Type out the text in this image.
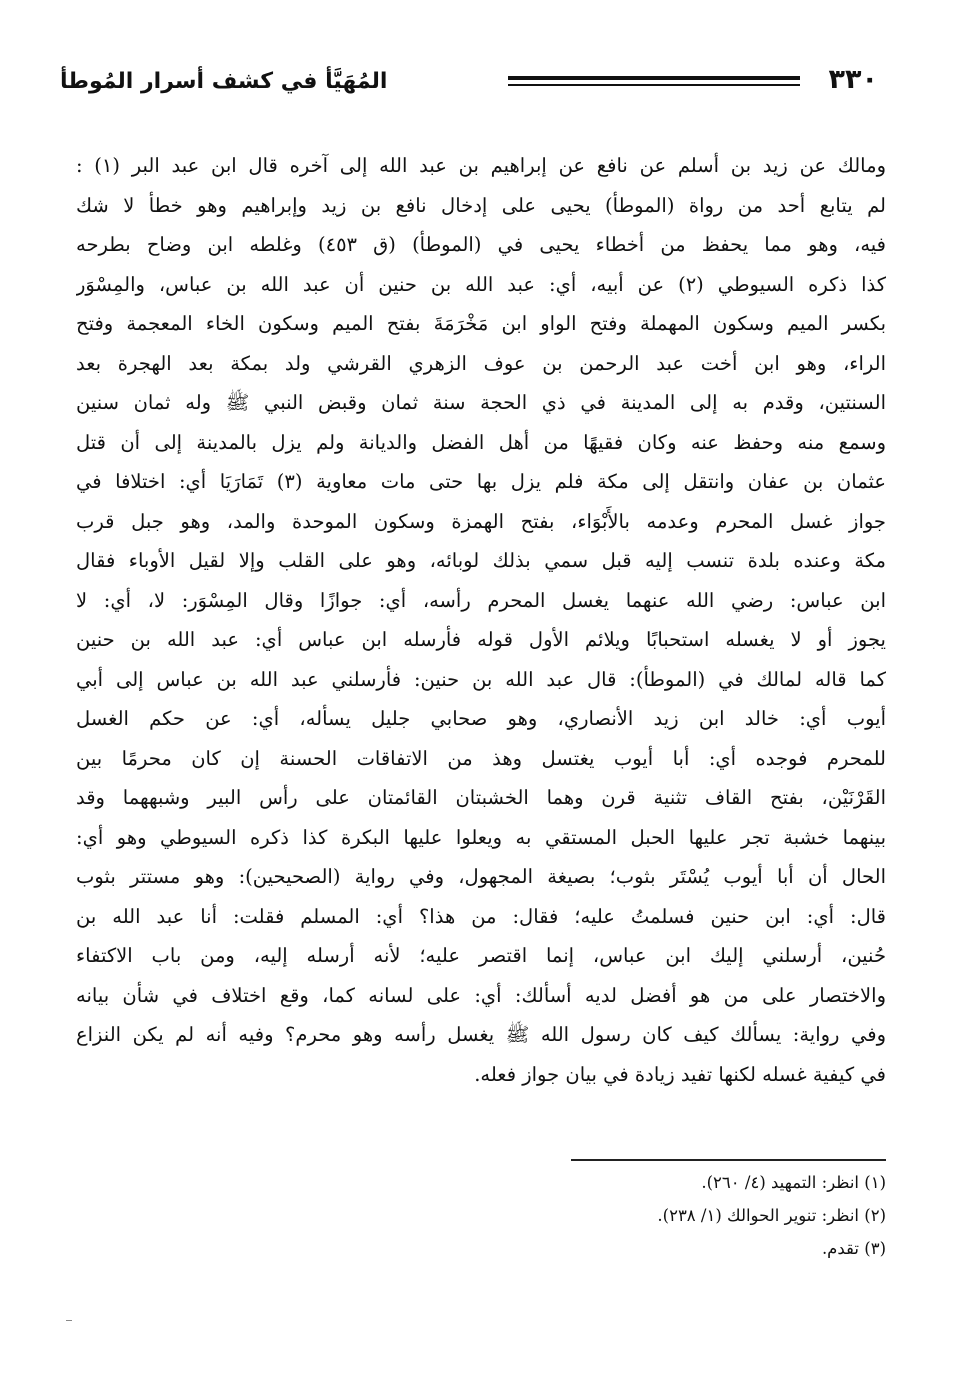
٣٣٠
المُهَيَّأ في كشف أسرار المُوطأ
ومالك عن زيد بن أسلم عن نافع عن إبراهيم بن عبد الله إلى آخره قال ابن عبد البر (١) :
لم يتابع أحد من رواة (الموطأ) يحيى على إدخال نافع بن زيد وإبراهيم وهو خطأ لا شك
فيه، وهو مما يحفظ من أخطاء يحيى في (الموطأ) (ق ٤٥٣) وغلطه ابن وضاح بطرحه
كذا ذكره السيوطي (٢) عن أبيه، أي: عبد الله بن حنين أن عبد الله بن عباس، والمِسْوَر
بكسر الميم وسكون المهملة وفتح الواو ابن مَخْرَمَةَ بفتح الميم وسكون الخاء المعجمة وفتح
الراء، وهو ابن أخت عبد الرحمن بن عوف الزهري القرشي ولد بمكة بعد الهجرة بعد
السنتين، وقدم به إلى المدينة في ذي الحجة سنة ثمان وقبض النبي ﷺ وله ثمان سنين
وسمع منه وحفظ عنه وكان فقيهًا من أهل الفضل والديانة ولم يزل بالمدينة إلى أن قتل
عثمان بن عفان وانتقل إلى مكة فلم يزل بها حتى مات معاوية (٣) تَمَارَيَا أي: اختلافا في
جواز غسل المحرم وعدمه بالأَبْوَاء، بفتح الهمزة وسكون الموحدة والمد، وهو جبل قرب
مكة وعنده بلدة تنسب إليه قبل سمي بذلك لوبائه، وهو على القلب وإلا لقيل الأوباء فقال
ابن عباس: رضي الله عنهما يغسل المحرم رأسه، أي: جوازًا وقال المِسْوَر: لا، أي: لا
يجوز أو لا يغسله استحبابًا ويلائم الأول قوله فأرسله ابن عباس أي: عبد الله بن حنين
كما قاله لمالك في (الموطأ): قال عبد الله بن حنين: فأرسلني عبد الله بن عباس إلى أبي
أيوب أي: خالد ابن زيد الأنصاري، وهو صحابي جليل يسأله، أي: عن حكم الغسل
للمحرم فوجده أي: أبا أيوب يغتسل وهذ من الاتفاقات الحسنة إن كان محرمًا بين
القَرْنَيْن، بفتح القاف تثنية قرن وهما الخشبتان القائمتان على رأس البير وشبههما وقد
بينهما خشبة تجر عليها الحبل المستقي به ويعلوا عليها البكرة كذا ذكره السيوطي وهو أي:
الحال أن أبا أيوب يُسْتَر بثوب؛ بصيغة المجهول، وفي رواية (الصحيحين): وهو مستتر بثوب
قال: أي: ابن حنين فسلمتُ عليه؛ فقال: من هذا؟ أي: المسلم فقلت: أنا عبد الله بن
حُنين، أرسلني إليك ابن عباس، إنما اقتصر عليه؛ لأنه أرسله إليه، ومن باب الاكتفاء
والاختصار على من هو أفضل لديه أسألك: أي: على لسانه كما، وقع اختلاف في شأن بيانه
وفي رواية: يسألك كيف كان رسول الله ﷺ يغسل رأسه وهو محرم؟ وفيه أنه لم يكن النزاع
في كيفية غسله لكنها تفيد زيادة في بيان جواز فعله.
(١) انظر: التمهيد (٤/ ٢٦٠).
(٢) انظر: تنوير الحوالك (١/ ٢٣٨).
(٣) تقدم.
